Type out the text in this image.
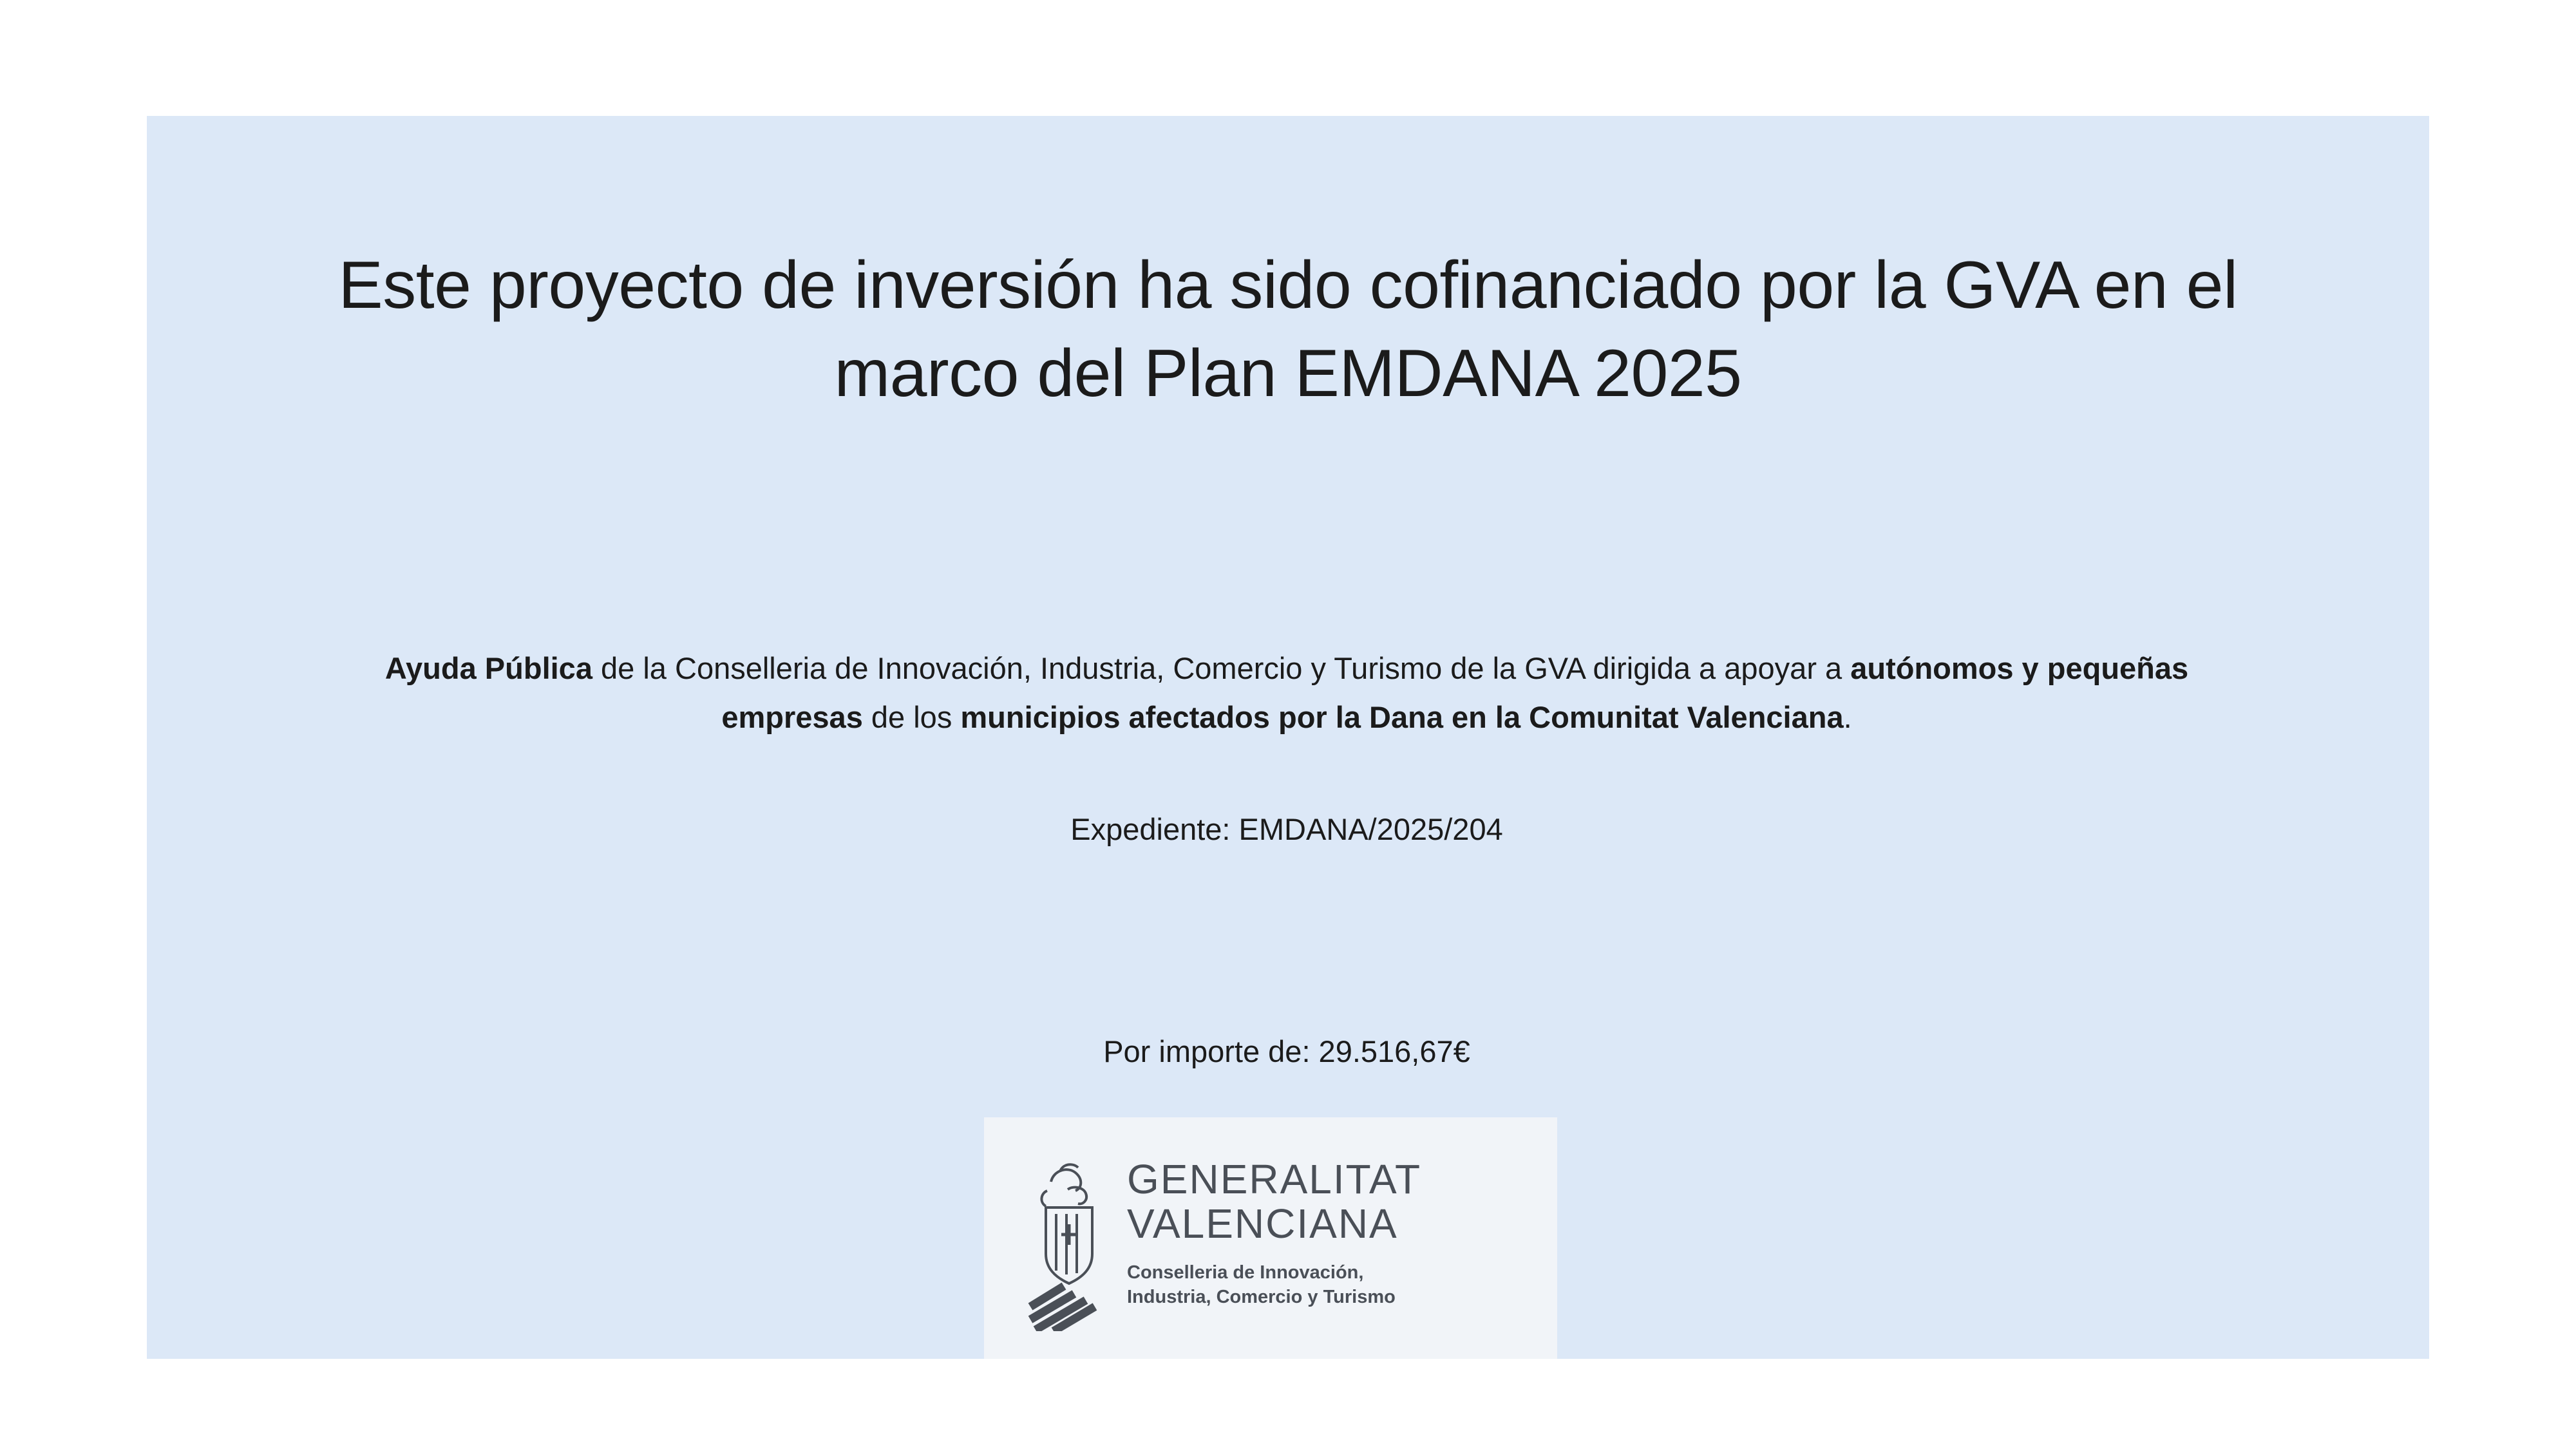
Este proyecto de inversión ha sido cofinanciado por la GVA en el marco del Plan EMDANA 2025
Ayuda Pública de la Conselleria de Innovación, Industria, Comercio y Turismo de la GVA dirigida a apoyar a autónomos y pequeñas empresas de los municipios afectados por la Dana en la Comunitat Valenciana.
Expediente: EMDANA/2025/204
Por importe de: 29.516,67€
GENERALITAT
VALENCIANA
Conselleria de Innovación,
Industria, Comercio y Turismo
